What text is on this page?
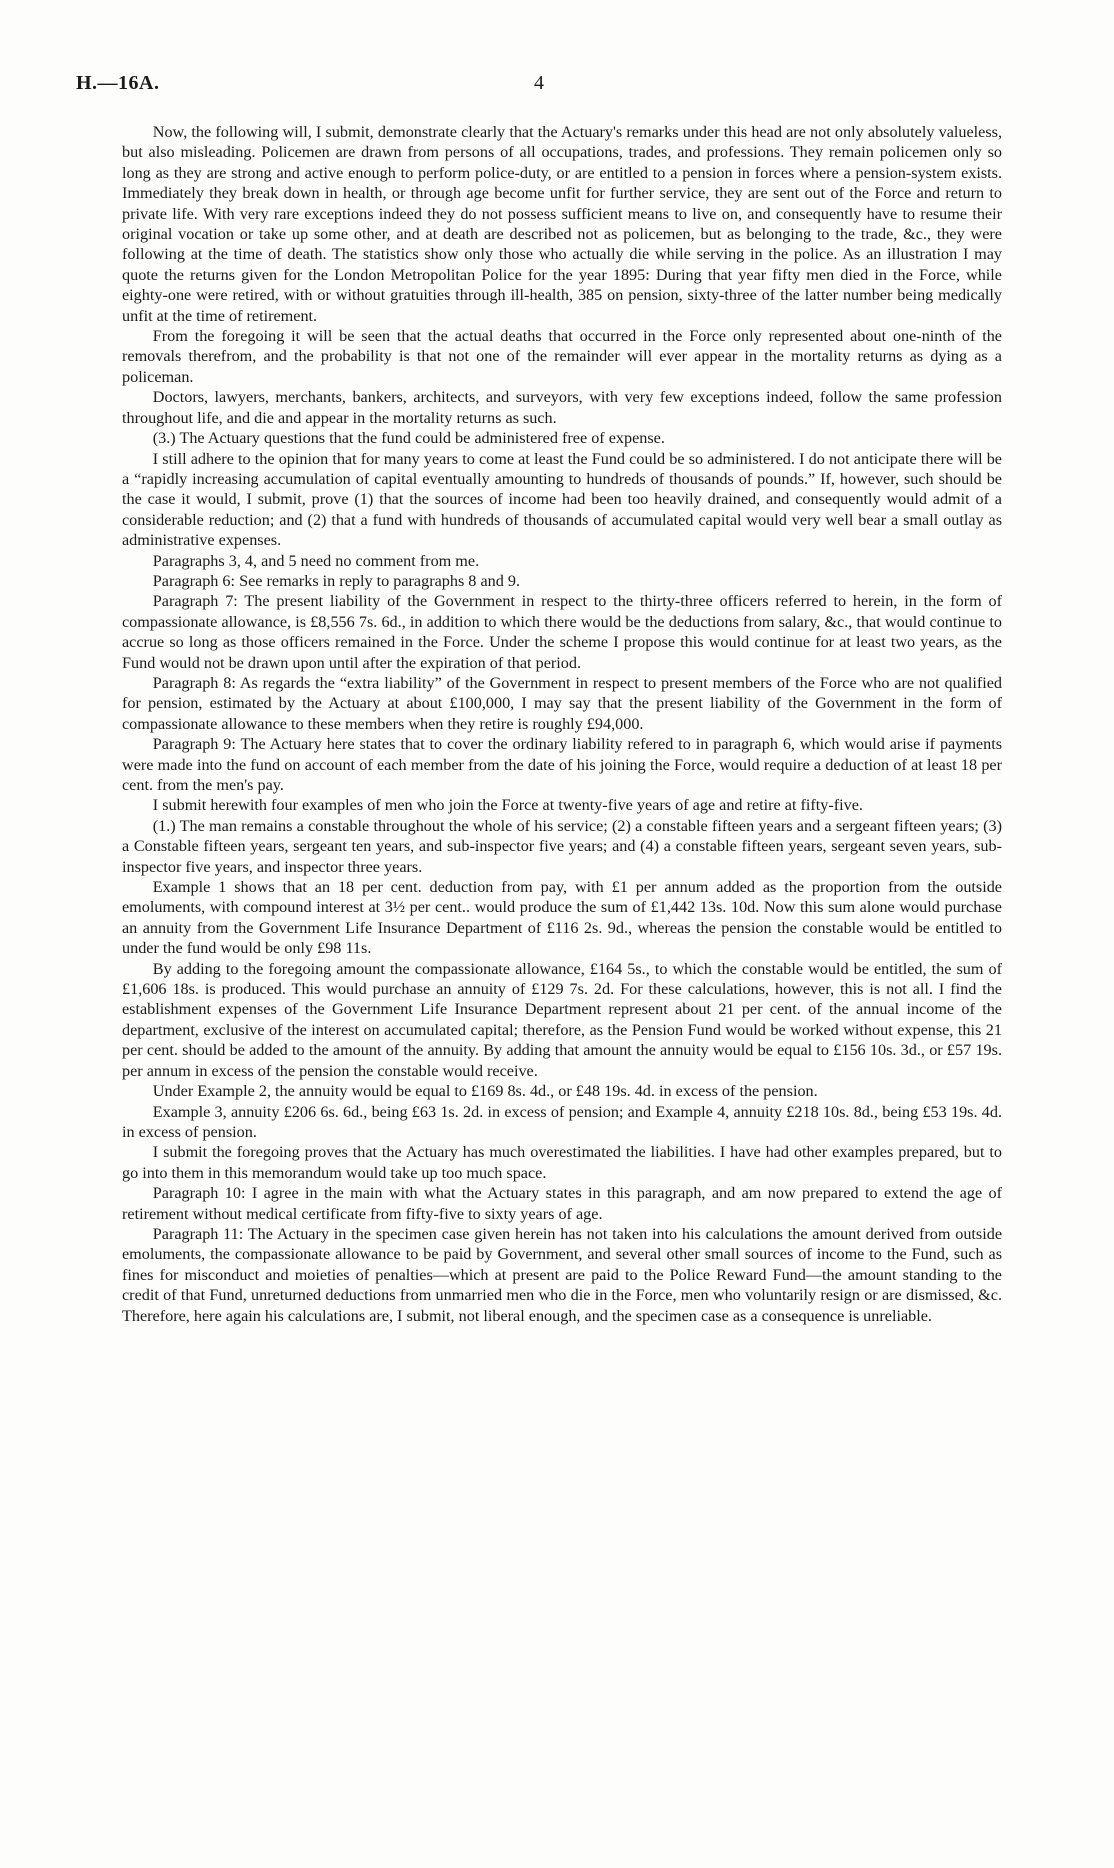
H.—16A.	4

Now, the following will, I submit, demonstrate clearly that the Actuary's remarks under this head are not only absolutely valueless, but also misleading. Policemen are drawn from persons of all occupations, trades, and professions. They remain policemen only so long as they are strong and active enough to perform police-duty, or are entitled to a pension in forces where a pension-system exists. Immediately they break down in health, or through age become unfit for further service, they are sent out of the Force and return to private life. With very rare exceptions indeed they do not possess sufficient means to live on, and consequently have to resume their original vocation or take up some other, and at death are described not as policemen, but as belonging to the trade, &c., they were following at the time of death. The statistics show only those who actually die while serving in the police. As an illustration I may quote the returns given for the London Metropolitan Police for the year 1895: During that year fifty men died in the Force, while eighty-one were retired, with or without gratuities through ill-health, 385 on pension, sixty-three of the latter number being medically unfit at the time of retirement.

From the foregoing it will be seen that the actual deaths that occurred in the Force only represented about one-ninth of the removals therefrom, and the probability is that not one of the remainder will ever appear in the mortality returns as dying as a policeman.

Doctors, lawyers, merchants, bankers, architects, and surveyors, with very few exceptions indeed, follow the same profession throughout life, and die and appear in the mortality returns as such.

(3.) The Actuary questions that the fund could be administered free of expense.

I still adhere to the opinion that for many years to come at least the Fund could be so administered. I do not anticipate there will be a “rapidly increasing accumulation of capital eventually amounting to hundreds of thousands of pounds.” If, however, such should be the case it would, I submit, prove (1) that the sources of income had been too heavily drained, and consequently would admit of a considerable reduction; and (2) that a fund with hundreds of thousands of accumulated capital would very well bear a small outlay as administrative expenses.

Paragraphs 3, 4, and 5 need no comment from me.

Paragraph 6: See remarks in reply to paragraphs 8 and 9.

Paragraph 7: The present liability of the Government in respect to the thirty-three officers referred to herein, in the form of compassionate allowance, is £8,556 7s. 6d., in addition to which there would be the deductions from salary, &c., that would continue to accrue so long as those officers remained in the Force. Under the scheme I propose this would continue for at least two years, as the Fund would not be drawn upon until after the expiration of that period.

Paragraph 8: As regards the “extra liability” of the Government in respect to present members of the Force who are not qualified for pension, estimated by the Actuary at about £100,000, I may say that the present liability of the Government in the form of compassionate allowance to these members when they retire is roughly £94,000.

Paragraph 9: The Actuary here states that to cover the ordinary liability refered to in paragraph 6, which would arise if payments were made into the fund on account of each member from the date of his joining the Force, would require a deduction of at least 18 per cent. from the men's pay.

I submit herewith four examples of men who join the Force at twenty-five years of age and retire at fifty-five.

(1.) The man remains a constable throughout the whole of his service; (2) a constable fifteen years and a sergeant fifteen years; (3) a Constable fifteen years, sergeant ten years, and sub-inspector five years; and (4) a constable fifteen years, sergeant seven years, sub-inspector five years, and inspector three years.

Example 1 shows that an 18 per cent. deduction from pay, with £1 per annum added as the proportion from the outside emoluments, with compound interest at 3½ per cent.. would produce the sum of £1,442 13s. 10d. Now this sum alone would purchase an annuity from the Government Life Insurance Department of £116 2s. 9d., whereas the pension the constable would be entitled to under the fund would be only £98 11s.

By adding to the foregoing amount the compassionate allowance, £164 5s., to which the constable would be entitled, the sum of £1,606 18s. is produced. This would purchase an annuity of £129 7s. 2d. For these calculations, however, this is not all. I find the establishment expenses of the Government Life Insurance Department represent about 21 per cent. of the annual income of the department, exclusive of the interest on accumulated capital; therefore, as the Pension Fund would be worked without expense, this 21 per cent. should be added to the amount of the annuity. By adding that amount the annuity would be equal to £156 10s. 3d., or £57 19s. per annum in excess of the pension the constable would receive.

Under Example 2, the annuity would be equal to £169 8s. 4d., or £48 19s. 4d. in excess of the pension.

Example 3, annuity £206 6s. 6d., being £63 1s. 2d. in excess of pension; and Example 4, annuity £218 10s. 8d., being £53 19s. 4d. in excess of pension.

I submit the foregoing proves that the Actuary has much overestimated the liabilities. I have had other examples prepared, but to go into them in this memorandum would take up too much space.

Paragraph 10: I agree in the main with what the Actuary states in this paragraph, and am now prepared to extend the age of retirement without medical certificate from fifty-five to sixty years of age.

Paragraph 11: The Actuary in the specimen case given herein has not taken into his calculations the amount derived from outside emoluments, the compassionate allowance to be paid by Government, and several other small sources of income to the Fund, such as fines for misconduct and moieties of penalties—which at present are paid to the Police Reward Fund—the amount standing to the credit of that Fund, unreturned deductions from unmarried men who die in the Force, men who voluntarily resign or are dismissed, &c. Therefore, here again his calculations are, I submit, not liberal enough, and the specimen case as a consequence is unreliable.
